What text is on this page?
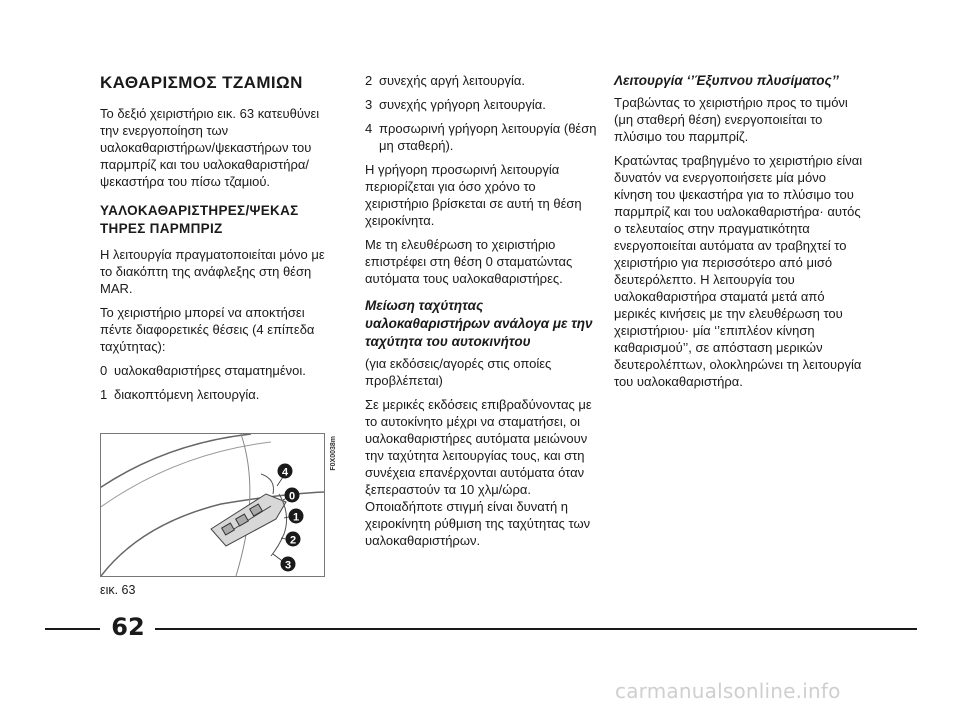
ΚΑΘΑΡΙΣΜΟΣ ΤΖΑΜΙΩΝ

Το δεξιό χειριστήριο εικ. 63 κατευθύνει την ενεργοποίηση των υαλοκαθαριστήρων/ψεκαστήρων του παρμπρίζ και του υαλοκαθαριστήρα/ ψεκαστήρα του πίσω τζαμιού.

ΥΑΛΟΚΑΘΑΡΙΣΤΗΡΕΣ/ΨΕΚΑΣ ΤΗΡΕΣ ΠΑΡΜΠΡΙΖ

Η λειτουργία πραγματοποιείται μόνο με το διακόπτη της ανάφλεξης στη θέση MAR.

Το χειριστήριο μπορεί να αποκτήσει πέντε διαφορετικές θέσεις (4 επίπεδα ταχύτητας):

0 υαλοκαθαριστήρες σταματημένοι.
1 διακοπτόμενη λειτουργία.
4
0
1
2
3
F0X0038m
εικ. 63
2 συνεχής αργή λειτουργία.
3 συνεχής γρήγορη λειτουργία.
4 προσωρινή γρήγορη λειτουργία (θέση μη σταθερή).

Η γρήγορη προσωρινή λειτουργία περιορίζεται για όσο χρόνο το χειριστήριο βρίσκεται σε αυτή τη θέση χειροκίνητα.

Με τη ελευθέρωση το χειριστήριο επιστρέφει στη θέση 0 σταματώντας αυτόματα τους υαλοκαθαριστήρες.

Μείωση ταχύτητας υαλοκαθαριστήρων ανάλογα με την ταχύτητα του αυτοκινήτου

(για εκδόσεις/αγορές στις οποίες προβλέπεται)

Σε μερικές εκδόσεις επιβραδύνοντας με το αυτοκίνητο μέχρι να σταματήσει, οι υαλοκαθαριστήρες αυτόματα μειώνουν την ταχύτητα λειτουργίας τους, και στη συνέχεια επανέρχονται αυτόματα όταν ξεπεραστούν τα 10 χλμ/ώρα. Οποιαδήποτε στιγμή είναι δυνατή η χειροκίνητη ρύθμιση της ταχύτητας των υαλοκαθαριστήρων.

Λειτουργία ‘’Έξυπνου πλυσίματος’’

Τραβώντας το χειριστήριο προς το τιμόνι (μη σταθερή θέση) ενεργοποιείται το πλύσιμο του παρμπρίζ.

Κρατώντας τραβηγμένο το χειριστήριο είναι δυνατόν να ενεργοποιήσετε μία μόνο κίνηση του ψεκαστήρα για το πλύσιμο του παρμπρίζ και του υαλοκαθαριστήρα· αυτός ο τελευταίος στην πραγματικότητα ενεργοποιείται αυτόματα αν τραβηχτεί το χειριστήριο για περισσότερο από μισό δευτερόλεπτο. Η λειτουργία του υαλοκαθαριστήρα σταματά μετά από μερικές κινήσεις με την ελευθέρωση του χειριστήριου· μία ‘’επιπλέον κίνηση καθαρισμού’’, σε απόσταση μερικών δευτερολέπτων, ολοκληρώνει τη λειτουργία του υαλοκαθαριστήρα.

62
carmanualsonline.info
